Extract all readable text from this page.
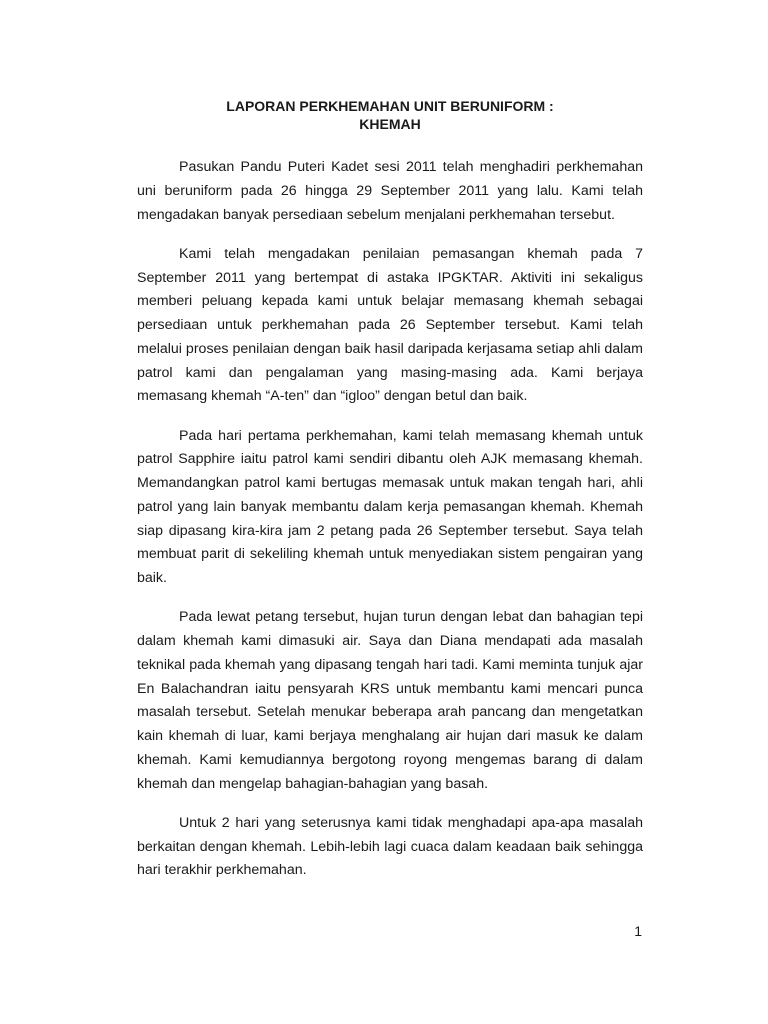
LAPORAN PERKHEMAHAN UNIT BERUNIFORM :
KHEMAH

Pasukan Pandu Puteri Kadet sesi 2011 telah menghadiri perkhemahan uni beruniform pada 26 hingga 29 September 2011 yang lalu. Kami telah mengadakan banyak persediaan sebelum menjalani perkhemahan tersebut.

Kami telah mengadakan penilaian pemasangan khemah pada 7 September 2011 yang bertempat di astaka IPGKTAR. Aktiviti ini sekaligus memberi peluang kepada kami untuk belajar memasang khemah sebagai persediaan untuk perkhemahan pada 26 September tersebut. Kami telah melalui proses penilaian dengan baik hasil daripada kerjasama setiap ahli dalam patrol kami dan pengalaman yang masing-masing ada. Kami berjaya memasang khemah “A-ten” dan “igloo” dengan betul dan baik.

Pada hari pertama perkhemahan, kami telah memasang khemah untuk patrol Sapphire iaitu patrol kami sendiri dibantu oleh AJK memasang khemah. Memandangkan patrol kami bertugas memasak untuk makan tengah hari, ahli patrol yang lain banyak membantu dalam kerja pemasangan khemah. Khemah siap dipasang kira-kira jam 2 petang pada 26 September tersebut. Saya telah membuat parit di sekeliling khemah untuk menyediakan sistem pengairan yang baik.

Pada lewat petang tersebut, hujan turun dengan lebat dan bahagian tepi dalam khemah kami dimasuki air. Saya dan Diana mendapati ada masalah teknikal pada khemah yang dipasang tengah hari tadi. Kami meminta tunjuk ajar En Balachandran iaitu pensyarah KRS untuk membantu kami mencari punca masalah tersebut. Setelah menukar beberapa arah pancang dan mengetatkan kain khemah di luar, kami berjaya menghalang air hujan dari masuk ke dalam khemah. Kami kemudiannya bergotong royong mengemas barang di dalam khemah dan mengelap bahagian-bahagian yang basah.

Untuk 2 hari yang seterusnya kami tidak menghadapi apa-apa masalah berkaitan dengan khemah. Lebih-lebih lagi cuaca dalam keadaan baik sehingga hari terakhir perkhemahan.

1
